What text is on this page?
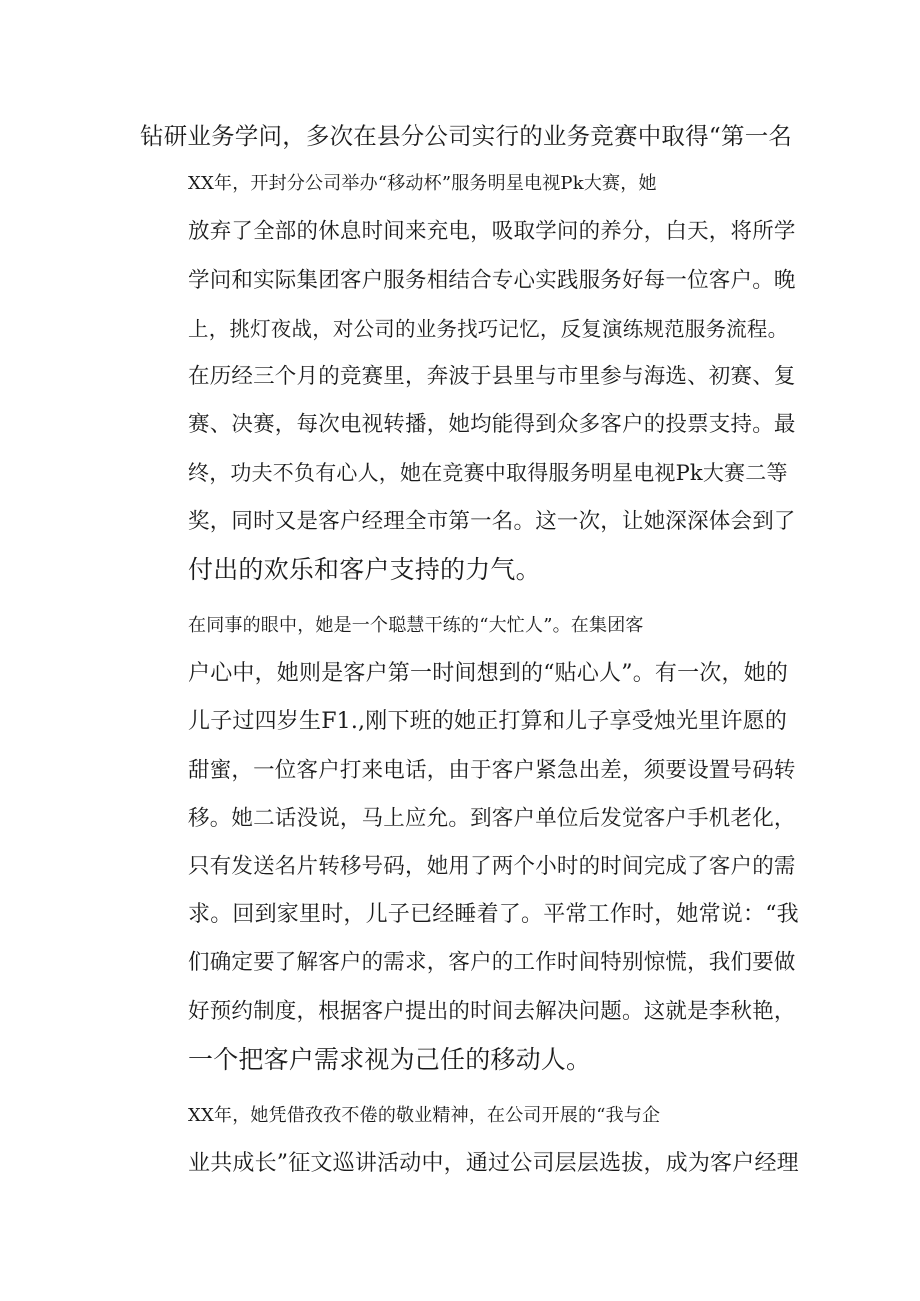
钻研业务学问，多次在县分公司实行的业务竞赛中取得“第一名
XX年，开封分公司举办“移动杯”服务明星电视Pk大赛，她
放弃了全部的休息时间来充电，吸取学问的养分，白天，将所学
学问和实际集团客户服务相结合专心实践服务好每一位客户。晚
上，挑灯夜战，对公司的业务找巧记忆，反复演练规范服务流程。
在历经三个月的竞赛里，奔波于县里与市里参与海选、初赛、复
赛、决赛，每次电视转播，她均能得到众多客户的投票支持。最
终，功夫不负有心人，她在竞赛中取得服务明星电视Pk大赛二等
奖，同时又是客户经理全市第一名。这一次，让她深深体会到了
付出的欢乐和客户支持的力气。
在同事的眼中，她是一个聪慧干练的“大忙人”。在集团客
户心中，她则是客户第一时间想到的“贴心人”。有一次，她的
儿子过四岁生F1.,刚下班的她正打算和儿子享受烛光里许愿的
甜蜜，一位客户打来电话，由于客户紧急出差，须要设置号码转
移。她二话没说，马上应允。到客户单位后发觉客户手机老化，
只有发送名片转移号码，她用了两个小时的时间完成了客户的需
求。回到家里时，儿子已经睡着了。平常工作时，她常说：“我
们确定要了解客户的需求，客户的工作时间特别惊慌，我们要做
好预约制度，根据客户提出的时间去解决问题。这就是李秋艳，
一个把客户需求视为己任的移动人。
XX年，她凭借孜孜不倦的敬业精神，在公司开展的“我与企
业共成长”征文巡讲活动中，通过公司层层选拔，成为客户经理
